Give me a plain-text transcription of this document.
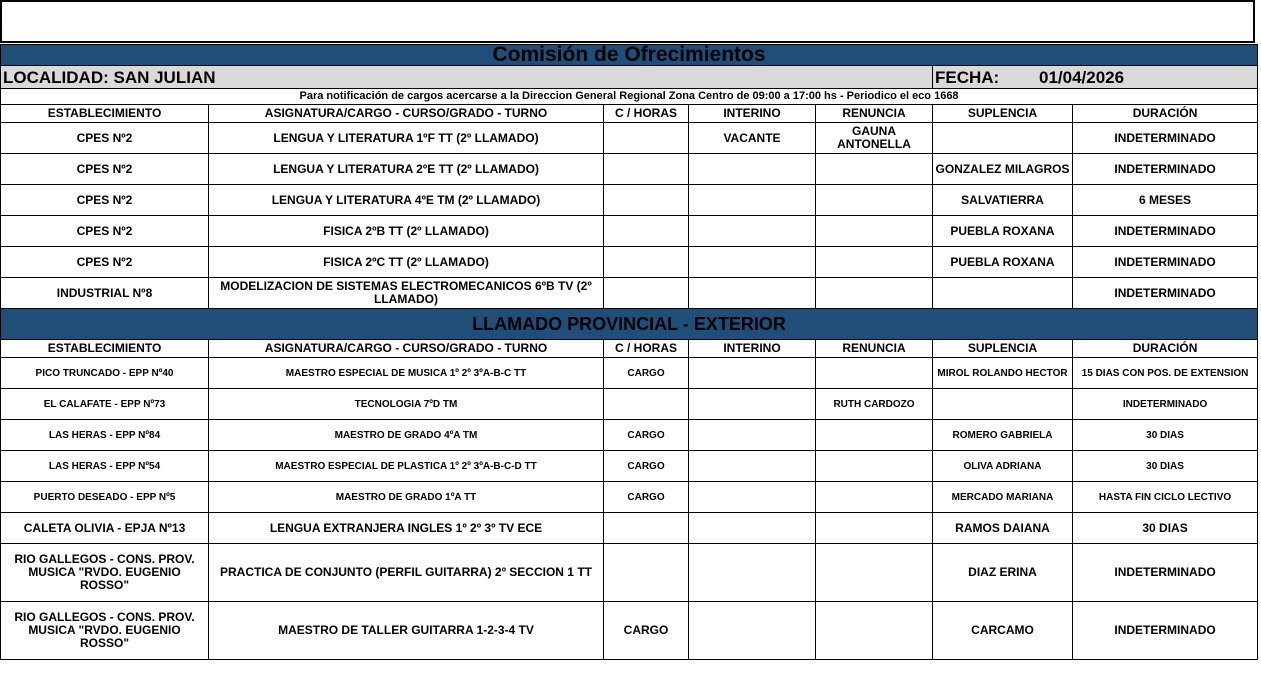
Comisión de Ofrecimientos						
LOCALIDAD: SAN JULIAN					FECHA: 01/04/2026	
Para notificación de cargos acercarse a la Direccion General Regional Zona Centro de 09:00 a 17:00 hs - Periodico el eco 1668						
ESTABLECIMIENTO	ASIGNATURA/CARGO - CURSO/GRADO - TURNO	C / HORAS	INTERINO	RENUNCIA	SUPLENCIA	DURACIÓN
CPES Nº2	LENGUA Y LITERATURA 1ºF TT (2º LLAMADO)		VACANTE	GAUNA ANTONELLA		INDETERMINADO
CPES Nº2	LENGUA Y LITERATURA 2ºE TT (2º LLAMADO)				GONZALEZ MILAGROS	INDETERMINADO
CPES Nº2	LENGUA Y LITERATURA 4ºE TM (2º LLAMADO)				SALVATIERRA	6 MESES
CPES Nº2	FISICA 2ºB TT (2º LLAMADO)				PUEBLA ROXANA	INDETERMINADO
CPES Nº2	FISICA 2ºC TT (2º LLAMADO)				PUEBLA ROXANA	INDETERMINADO
INDUSTRIAL Nº8	MODELIZACION DE SISTEMAS ELECTROMECANICOS 6ºB TV (2º LLAMADO)					INDETERMINADO
LLAMADO PROVINCIAL - EXTERIOR						
ESTABLECIMIENTO	ASIGNATURA/CARGO - CURSO/GRADO - TURNO	C / HORAS	INTERINO	RENUNCIA	SUPLENCIA	DURACIÓN
PICO TRUNCADO - EPP Nº40	MAESTRO ESPECIAL DE MUSICA 1º 2º 3ºA-B-C TT	CARGO			MIROL ROLANDO HECTOR	15 DIAS CON POS. DE EXTENSION
EL CALAFATE - EPP Nº73	TECNOLOGIA 7ºD TM			RUTH CARDOZO		INDETERMINADO
LAS HERAS - EPP Nº84	MAESTRO DE GRADO 4ºA TM	CARGO			ROMERO GABRIELA	30 DIAS
LAS HERAS - EPP Nº54	MAESTRO ESPECIAL DE PLASTICA 1º 2º 3ºA-B-C-D TT	CARGO			OLIVA ADRIANA	30 DIAS
PUERTO DESEADO - EPP Nº5	MAESTRO DE GRADO 1ºA TT	CARGO			MERCADO MARIANA	HASTA FIN CICLO LECTIVO
CALETA OLIVIA - EPJA Nº13	LENGUA EXTRANJERA INGLES 1º 2º 3º TV ECE				RAMOS DAIANA	30 DIAS
RIO GALLEGOS - CONS. PROV. MUSICA "RVDO. EUGENIO ROSSO"	PRACTICA DE CONJUNTO (PERFIL GUITARRA) 2º SECCION 1 TT				DIAZ ERINA	INDETERMINADO
RIO GALLEGOS - CONS. PROV. MUSICA "RVDO. EUGENIO ROSSO"	MAESTRO DE TALLER GUITARRA 1-2-3-4 TV	CARGO			CARCAMO	INDETERMINADO
